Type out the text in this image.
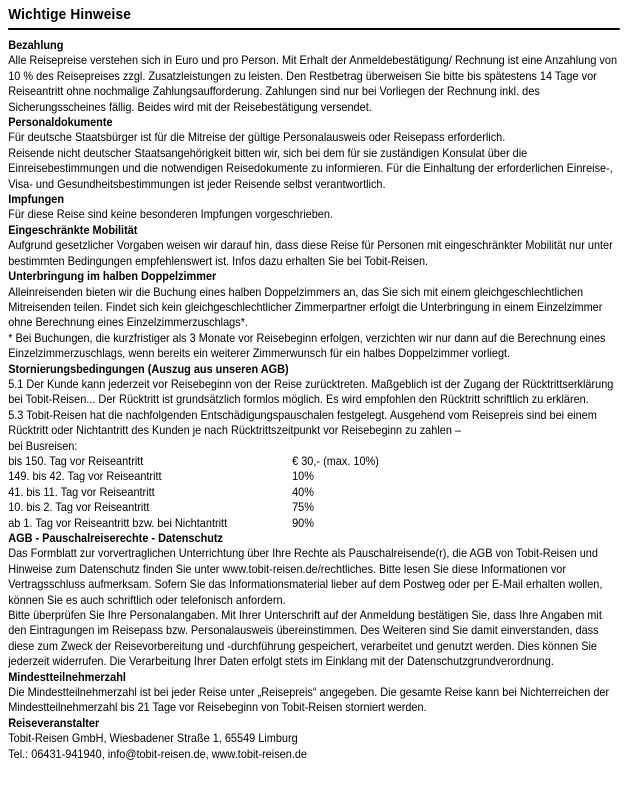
Wichtige Hinweise
Bezahlung
Alle Reisepreise verstehen sich in Euro und pro Person. Mit Erhalt der Anmeldebestätigung/ Rechnung ist eine Anzahlung von 10 % des Reisepreises zzgl. Zusatzleistungen zu leisten. Den Restbetrag überweisen Sie bitte bis spätestens 14 Tage vor Reiseantritt ohne nochmalige Zahlungsaufforderung. Zahlungen sind nur bei Vorliegen der Rechnung inkl. des Sicherungsscheines fällig. Beides wird mit der Reisebestätigung versendet.
Personaldokumente
Für deutsche Staatsbürger ist für die Mitreise der gültige Personalausweis oder Reisepass erforderlich.
Reisende nicht deutscher Staatsangehörigkeit bitten wir, sich bei dem für sie zuständigen Konsulat über die Einreisebestimmungen und die notwendigen Reisedokumente zu informieren. Für die Einhaltung der erforderlichen Einreise-, Visa- und Gesundheitsbestimmungen ist jeder Reisende selbst verantwortlich.
Impfungen
Für diese Reise sind keine besonderen Impfungen vorgeschrieben.
Eingeschränkte Mobilität
Aufgrund gesetzlicher Vorgaben weisen wir darauf hin, dass diese Reise für Personen mit eingeschränkter Mobilität nur unter bestimmten Bedingungen empfehlenswert ist. Infos dazu erhalten Sie bei Tobit-Reisen.
Unterbringung im halben Doppelzimmer
Alleinreisenden bieten wir die Buchung eines halben Doppelzimmers an, das Sie sich mit einem gleichgeschlechtlichen Mitreisenden teilen. Findet sich kein gleichgeschlechtlicher Zimmerpartner erfolgt die Unterbringung in einem Einzelzimmer ohne Berechnung eines Einzelzimmerzuschlags*.
* Bei Buchungen, die kurzfristiger als 3 Monate vor Reisebeginn erfolgen, verzichten wir nur dann auf die Berechnung eines Einzelzimmerzuschlags, wenn bereits ein weiterer Zimmerwunsch für ein halbes Doppelzimmer vorliegt.
Stornierungsbedingungen (Auszug aus unseren AGB)
5.1 Der Kunde kann jederzeit vor Reisebeginn von der Reise zurücktreten. Maßgeblich ist der Zugang der Rücktrittserklärung bei Tobit-Reisen... Der Rücktritt ist grundsätzlich formlos möglich. Es wird empfohlen den Rücktritt schriftlich zu erklären.
5.3 Tobit-Reisen hat die nachfolgenden Entschädigungspauschalen festgelegt. Ausgehend vom Reisepreis sind bei einem Rücktritt oder Nichtantritt des Kunden je nach Rücktrittszeitpunkt vor Reisebeginn zu zahlen –
bei Busreisen:
bis 150. Tag vor Reiseantritt	€ 30,- (max. 10%)
149. bis 42. Tag vor Reiseantritt	10%
41. bis 11. Tag vor Reiseantritt	40%
10. bis 2. Tag vor Reiseantritt	75%
ab 1. Tag vor Reiseantritt bzw. bei Nichtantritt	90%
AGB - Pauschalreiserechte - Datenschutz
Das Formblatt zur vorvertraglichen Unterrichtung über Ihre Rechte als Pauschalreisende(r), die AGB von Tobit-Reisen und Hinweise zum Datenschutz finden Sie unter www.tobit-reisen.de/rechtliches. Bitte lesen Sie diese Informationen vor Vertragsschluss aufmerksam. Sofern Sie das Informationsmaterial lieber auf dem Postweg oder per E-Mail erhalten wollen, können Sie es auch schriftlich oder telefonisch anfordern.
Bitte überprüfen Sie Ihre Personalangaben. Mit Ihrer Unterschrift auf der Anmeldung bestätigen Sie, dass Ihre Angaben mit den Eintragungen im Reisepass bzw. Personalausweis übereinstimmen. Des Weiteren sind Sie damit einverstanden, dass diese zum Zweck der Reisevorbereitung und -durchführung gespeichert, verarbeitet und genutzt werden. Dies können Sie jederzeit widerrufen. Die Verarbeitung Ihrer Daten erfolgt stets im Einklang mit der Datenschutzgrundverordnung.
Mindestteilnehmerzahl
Die Mindestteilnehmerzahl ist bei jeder Reise unter „Reisepreis“ angegeben. Die gesamte Reise kann bei Nichterreichen der Mindestteilnehmerzahl bis 21 Tage vor Reisebeginn von Tobit-Reisen storniert werden.
Reiseveranstalter
Tobit-Reisen GmbH, Wiesbadener Straße 1, 65549 Limburg
Tel.: 06431-941940, info@tobit-reisen.de, www.tobit-reisen.de
